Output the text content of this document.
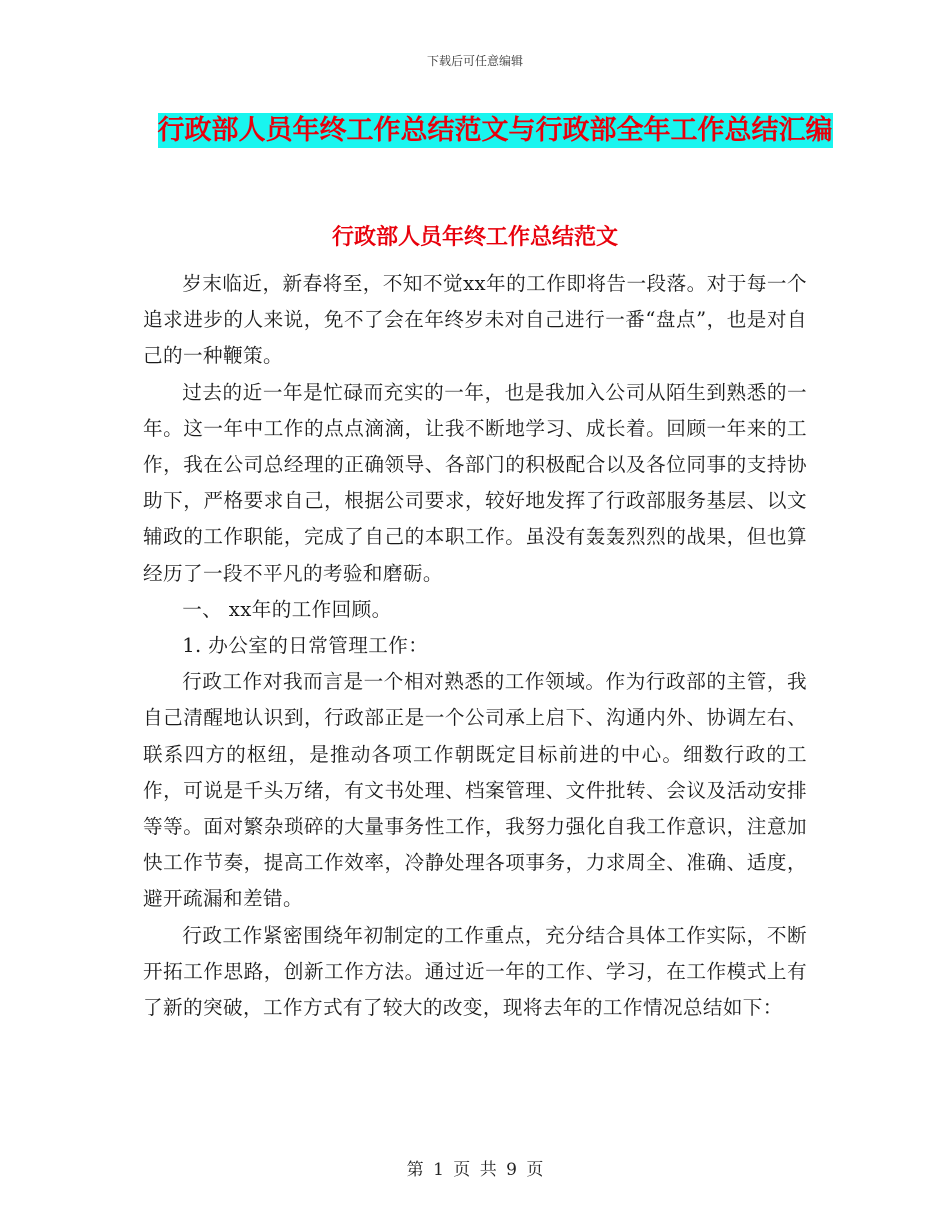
下载后可任意编辑
行政部人员年终工作总结范文与行政部全年工作总结汇编
行政部人员年终工作总结范文

岁末临近，新春将至，不知不觉xx年的工作即将告一段落。对于每一个追求进步的人来说，免不了会在年终岁未对自己进行一番“盘点”，也是对自己的一种鞭策。

过去的近一年是忙碌而充实的一年，也是我加入公司从陌生到熟悉的一年。这一年中工作的点点滴滴，让我不断地学习、成长着。回顾一年来的工作，我在公司总经理的正确领导、各部门的积极配合以及各位同事的支持协助下，严格要求自己，根据公司要求，较好地发挥了行政部服务基层、以文辅政的工作职能，完成了自己的本职工作。虽没有轰轰烈烈的战果，但也算经历了一段不平凡的考验和磨砺。

一、 xx年的工作回顾。

1. 办公室的日常管理工作：

行政工作对我而言是一个相对熟悉的工作领域。作为行政部的主管，我自己清醒地认识到，行政部正是一个公司承上启下、沟通内外、协调左右、联系四方的枢纽，是推动各项工作朝既定目标前进的中心。细数行政的工作，可说是千头万绪，有文书处理、档案管理、文件批转、会议及活动安排等等。面对繁杂琐碎的大量事务性工作，我努力强化自我工作意识，注意加快工作节奏，提高工作效率，冷静处理各项事务，力求周全、准确、适度，避开疏漏和差错。

行政工作紧密围绕年初制定的工作重点，充分结合具体工作实际，不断开拓工作思路，创新工作方法。通过近一年的工作、学习，在工作模式上有了新的突破，工作方式有了较大的改变，现将去年的工作情况总结如下：

第 1 页 共 9 页
